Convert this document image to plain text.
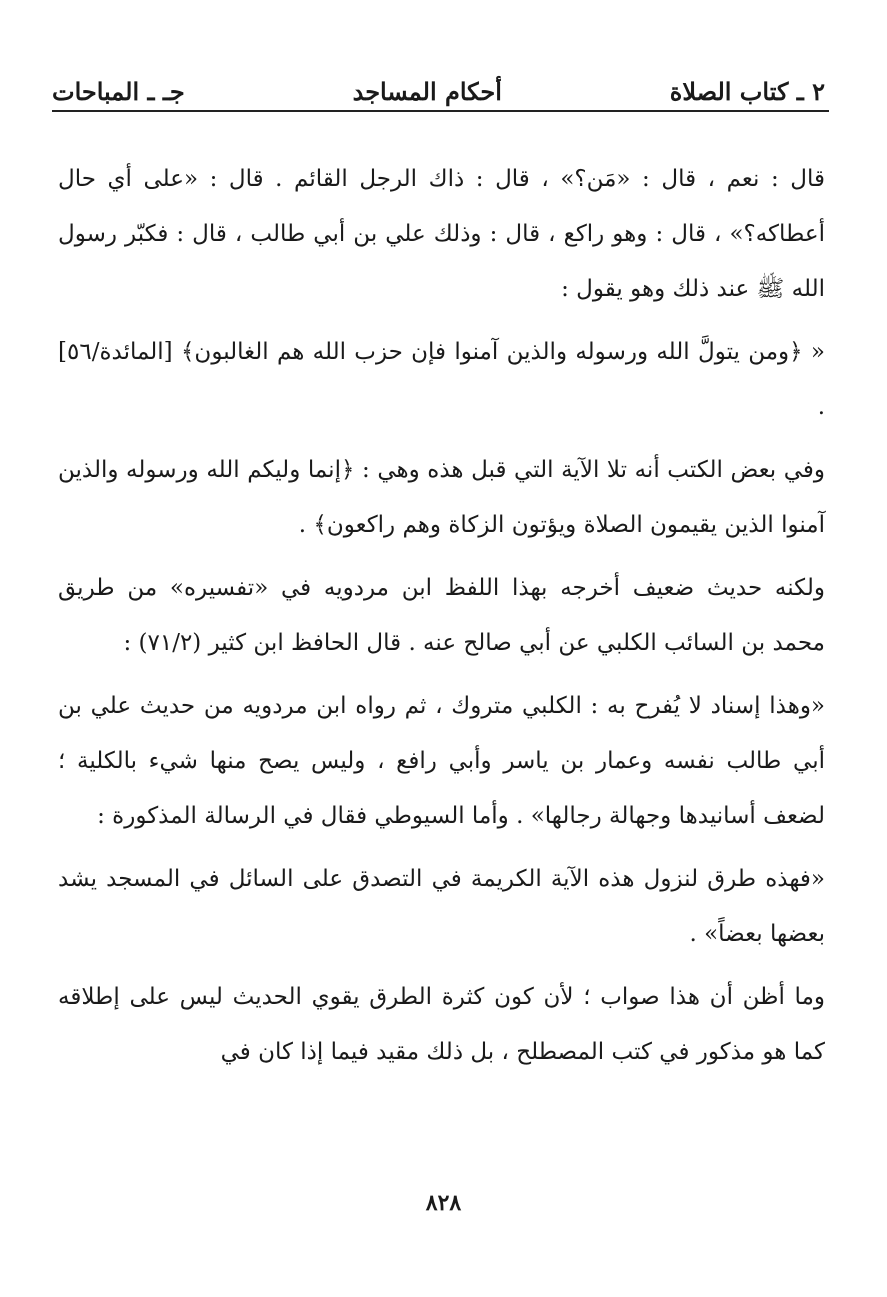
٢ ـ كتاب الصلاة
أحكام المساجد
جـ ـ المباحات

قال : نعم ، قال : «مَن؟» ، قال : ذاك الرجل القائم . قال : «على أي حال أعطاكه؟» ، قال : وهو راكع ، قال : وذلك علي بن أبي طالب ، قال : فكبّر رسول الله ﷺ عند ذلك وهو يقول :

« ﴿ومن يتولَّ الله ورسوله والذين آمنوا فإن حزب الله هم الغالبون﴾ [المائدة/٥٦] .

وفي بعض الكتب أنه تلا الآية التي قبل هذه وهي : ﴿إنما وليكم الله ورسوله والذين آمنوا الذين يقيمون الصلاة ويؤتون الزكاة وهم راكعون﴾ .

ولكنه حديث ضعيف أخرجه بهذا اللفظ ابن مردويه في «تفسيره» من طريق محمد بن السائب الكلبي عن أبي صالح عنه . قال الحافظ ابن كثير (٧١/٢) :

«وهذا إسناد لا يُفرح به : الكلبي متروك ، ثم رواه ابن مردويه من حديث علي بن أبي طالب نفسه وعمار بن ياسر وأبي رافع ، وليس يصح منها شيء بالكلية ؛ لضعف أسانيدها وجهالة رجالها» . وأما السيوطي فقال في الرسالة المذكورة :

«فهذه طرق لنزول هذه الآية الكريمة في التصدق على السائل في المسجد يشد بعضها بعضاً» .

وما أظن أن هذا صواب ؛ لأن كون كثرة الطرق يقوي الحديث ليس على إطلاقه كما هو مذكور في كتب المصطلح ، بل ذلك مقيد فيما إذا كان في

٨٢٨
